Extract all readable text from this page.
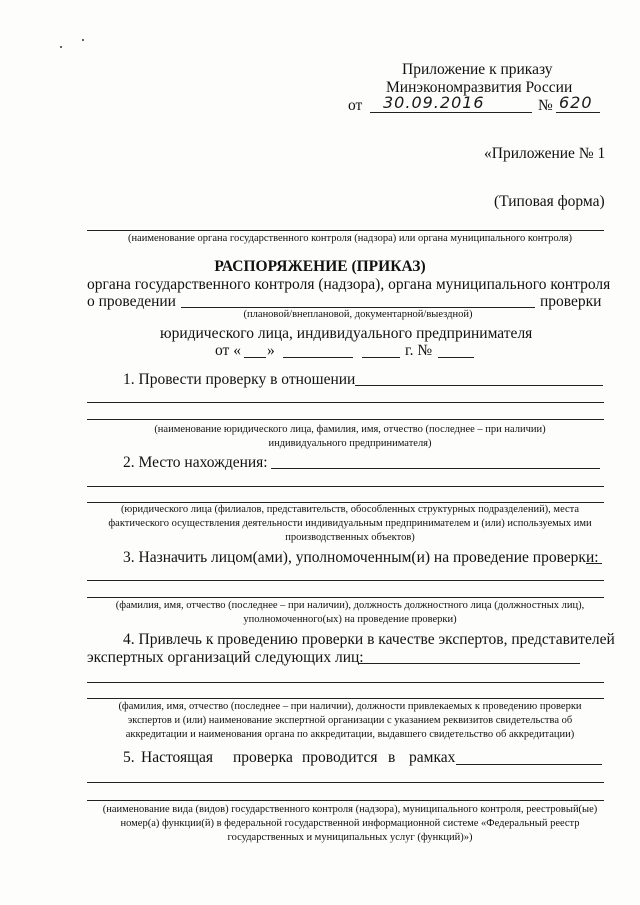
Приложение к приказу
Минэкономразвития России
от 30.09.2016	№ 620
«Приложение № 1
(Типовая форма)
(наименование органа государственного контроля (надзора) или органа муниципального контроля)
РАСПОРЯЖЕНИЕ (ПРИКАЗ)
органа государственного контроля (надзора), органа муниципального контроля
о проведении	проверки
(плановой/внеплановой, документарной/выездной)
юридического лица, индивидуального предпринимателя
от « »	г. №
1. Провести проверку в отношении
(наименование юридического лица, фамилия, имя, отчество (последнее – при наличии)
индивидуального предпринимателя)
2. Место нахождения:
(юридического лица (филиалов, представительств, обособленных структурных подразделений), места
фактического осуществления деятельности индивидуальным предпринимателем и (или) используемых ими
производственных объектов)
3. Назначить лицом(ами), уполномоченным(и) на проведение проверки:
(фамилия, имя, отчество (последнее – при наличии), должность должностного лица (должностных лиц),
уполномоченного(ых) на проведение проверки)
4. Привлечь к проведению проверки в качестве экспертов, представителей
экспертных организаций следующих лиц:
(фамилия, имя, отчество (последнее – при наличии), должности привлекаемых к проведению проверки
экспертов и (или) наименование экспертной организации с указанием реквизитов свидетельства об
аккредитации и наименования органа по аккредитации, выдавшего свидетельство об аккредитации)
5. Настоящая проверка проводится в рамках
(наименование вида (видов) государственного контроля (надзора), муниципального контроля, реестровый(ые)
номер(а) функции(й) в федеральной государственной информационной системе «Федеральный реестр
государственных и муниципальных услуг (функций)»)
